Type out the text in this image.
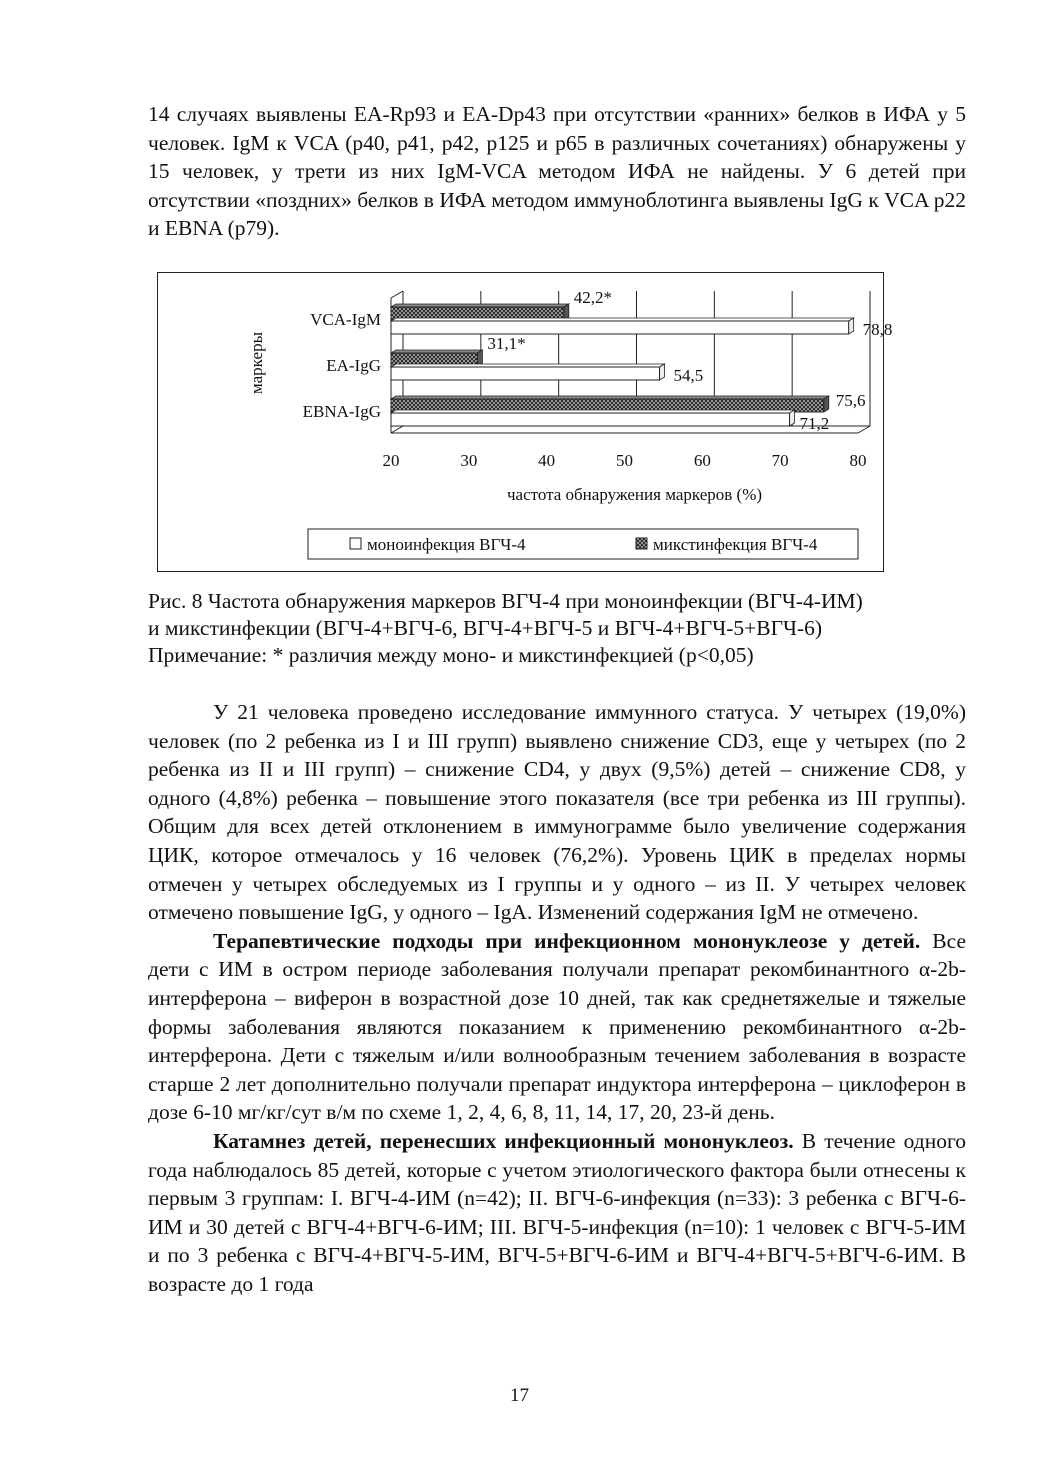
14 случаях выявлены EA-Rp93 и EA-Dp43 при отсутствии «ранних» белков в ИФА у 5 человек. IgM к VCA (р40, р41, р42, р125 и р65 в различных сочетаниях) обнаружены у 15 человек, у трети из них IgM-VCA методом ИФА не найдены. У 6 детей при отсутствии «поздних» белков в ИФА методом иммуноблотинга выявлены IgG к VCA р22 и EBNA (р79).

20	30	40	50	60	70	80
частота обнаружения маркеров (%)
маркеры
VCA-IgM
42,2*
78,8
EA-IgG
31,1*
54,5
EBNA-IgG
75,6
71,2
моноинфекция ВГЧ-4	микстинфекция ВГЧ-4
Рис. 8 Частота обнаружения маркеров ВГЧ-4 при моноинфекции (ВГЧ-4-ИМ)
и микстинфекции (ВГЧ-4+ВГЧ-6, ВГЧ-4+ВГЧ-5 и ВГЧ-4+ВГЧ-5+ВГЧ-6)
Примечание: * различия между моно- и микстинфекцией (р<0,05)

У 21 человека проведено исследование иммунного статуса. У четырех (19,0%) человек (по 2 ребенка из I и III групп) выявлено снижение CD3, еще у четырех (по 2 ребенка из II и III групп) – снижение CD4, у двух (9,5%) детей – снижение CD8, у одного (4,8%) ребенка – повышение этого показателя (все три ребенка из III группы). Общим для всех детей отклонением в иммунограмме было увеличение содержания ЦИК, которое отмечалось у 16 человек (76,2%). Уровень ЦИК в пределах нормы отмечен у четырех обследуемых из I группы и у одного – из II. У четырех человек отмечено повышение IgG, у одного – IgA. Изменений содержания IgM не отмечено.

Терапевтические подходы при инфекционном мононуклеозе у детей. Все дети с ИМ в остром периоде заболевания получали препарат рекомбинантного α-2b-интерферона – виферон в возрастной дозе 10 дней, так как среднетяжелые и тяжелые формы заболевания являются показанием к применению рекомбинантного α-2b-интерферона. Дети с тяжелым и/или волнообразным течением заболевания в возрасте старше 2 лет дополнительно получали препарат индуктора интерферона – циклоферон в дозе 6-10 мг/кг/сут в/м по схеме 1, 2, 4, 6, 8, 11, 14, 17, 20, 23-й день.

Катамнез детей, перенесших инфекционный мононуклеоз. В течение одного года наблюдалось 85 детей, которые с учетом этиологического фактора были отнесены к первым 3 группам: I. ВГЧ-4-ИМ (n=42); II. ВГЧ-6-инфекция (n=33): 3 ребенка с ВГЧ-6-ИМ и 30 детей с ВГЧ-4+ВГЧ-6-ИМ; III. ВГЧ-5-инфекция (n=10): 1 человек с ВГЧ-5-ИМ и по 3 ребенка с ВГЧ-4+ВГЧ-5-ИМ, ВГЧ-5+ВГЧ-6-ИМ и ВГЧ-4+ВГЧ-5+ВГЧ-6-ИМ. В возрасте до 1 года

17
